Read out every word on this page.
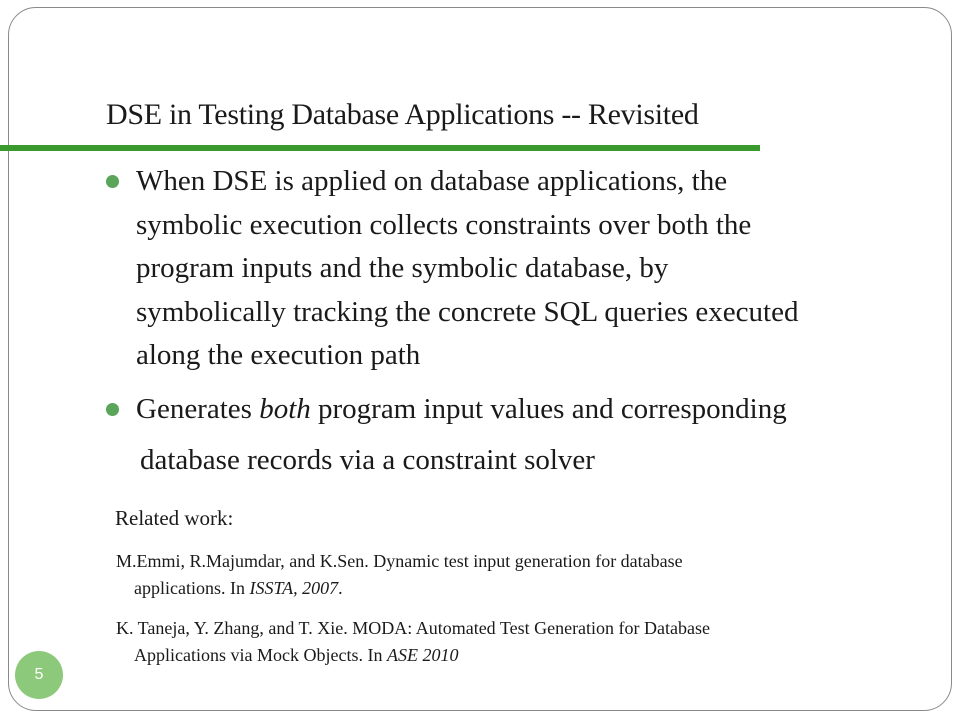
DSE in Testing Database Applications -- Revisited
When DSE is applied on database applications, the
symbolic execution collects constraints over both the
program inputs and the symbolic database, by
symbolically tracking the concrete SQL queries executed
along the execution path
Generates both program input values and corresponding
database records via a constraint solver
Related work:
M.Emmi, R.Majumdar, and K.Sen. Dynamic test input generation for database
applications. In ISSTA, 2007.
K. Taneja, Y. Zhang, and T. Xie. MODA: Automated Test Generation for Database
Applications via Mock Objects. In ASE 2010
5
